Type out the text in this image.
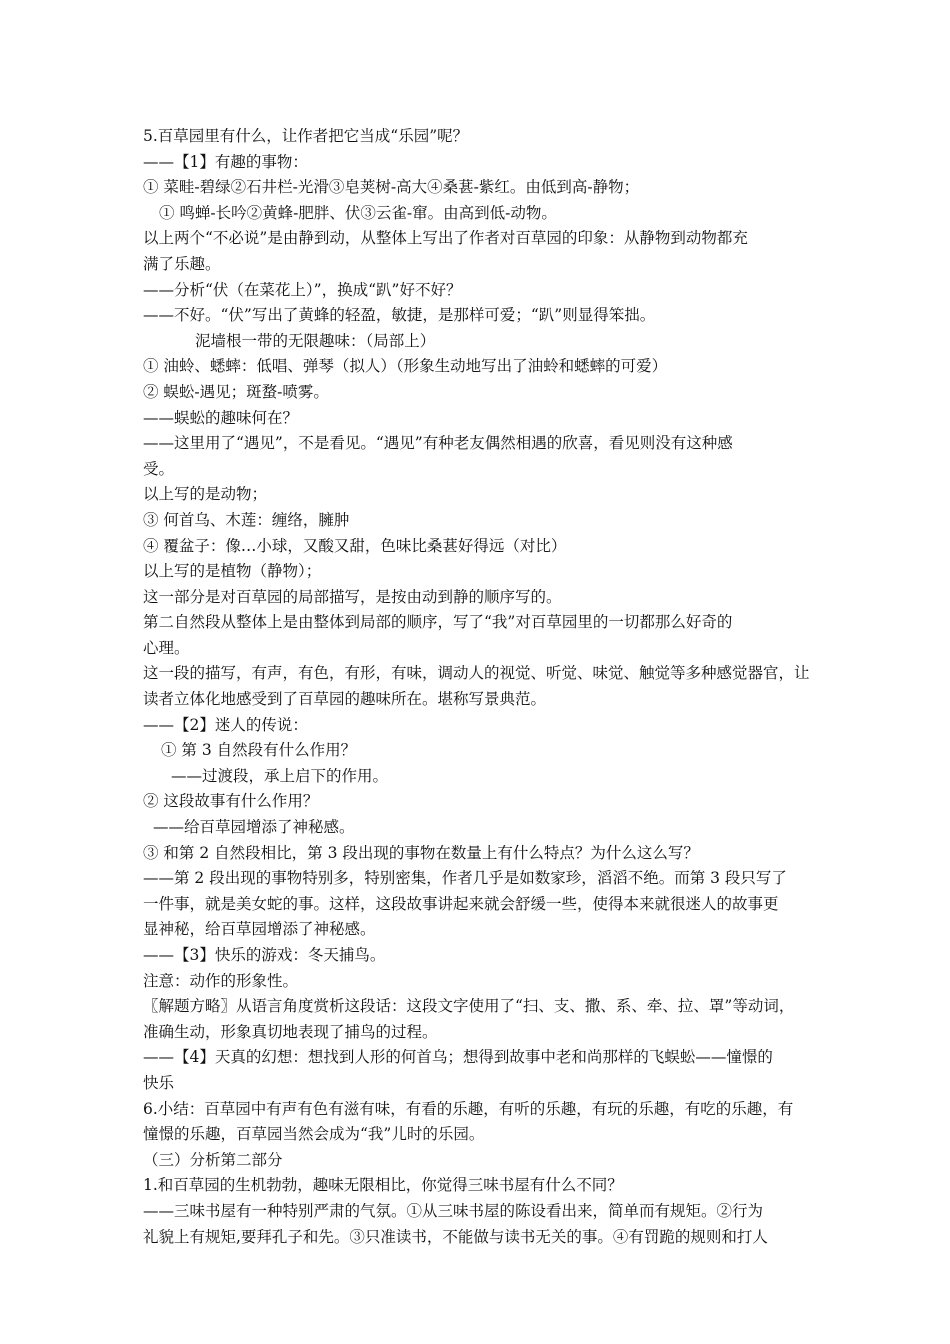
5.百草园里有什么，让作者把它当成“乐园”呢？
——【1】有趣的事物：
① 菜畦-碧绿②石井栏-光滑③皂荚树-高大④桑葚-紫红。由低到高-静物；
① 鸣蝉-长吟②黄蜂-肥胖、伏③云雀-窜。由高到低-动物。
以上两个“不必说”是由静到动，从整体上写出了作者对百草园的印象：从静物到动物都充
满了乐趣。
——分析“伏（在菜花上）”，换成“趴”好不好？
——不好。“伏”写出了黄蜂的轻盈，敏捷，是那样可爱；“趴”则显得笨拙。
泥墙根一带的无限趣味：（局部上）
① 油蛉、蟋蟀：低唱、弹琴（拟人）（形象生动地写出了油蛉和蟋蟀的可爱）
② 蜈蚣-遇见；斑蝥-喷雾。
——蜈蚣的趣味何在？
——这里用了“遇见”，不是看见。“遇见”有种老友偶然相遇的欣喜，看见则没有这种感
受。
以上写的是动物；
③ 何首乌、木莲：缠络，臃肿
④ 覆盆子：像…小球，又酸又甜，色味比桑葚好得远（对比）
以上写的是植物（静物）；
这一部分是对百草园的局部描写，是按由动到静的顺序写的。
第二自然段从整体上是由整体到局部的顺序，写了“我”对百草园里的一切都那么好奇的
心理。
这一段的描写，有声，有色，有形，有味，调动人的视觉、听觉、味觉、触觉等多种感觉器官，让
读者立体化地感受到了百草园的趣味所在。堪称写景典范。
——【2】迷人的传说：
① 第 3 自然段有什么作用？
——过渡段，承上启下的作用。
② 这段故事有什么作用？
——给百草园增添了神秘感。
③ 和第 2 自然段相比，第 3 段出现的事物在数量上有什么特点？为什么这么写？
——第 2 段出现的事物特别多，特别密集，作者几乎是如数家珍，滔滔不绝。而第 3 段只写了
一件事，就是美女蛇的事。这样，这段故事讲起来就会舒缓一些，使得本来就很迷人的故事更
显神秘，给百草园增添了神秘感。
——【3】快乐的游戏：冬天捕鸟。
注意：动作的形象性。
〖解题方略〗从语言角度赏析这段话：这段文字使用了“扫、支、撒、系、牵、拉、罩”等动词，
准确生动，形象真切地表现了捕鸟的过程。
——【4】天真的幻想：想找到人形的何首乌；想得到故事中老和尚那样的飞蜈蚣——憧憬的
快乐
6.小结：百草园中有声有色有滋有味，有看的乐趣，有听的乐趣，有玩的乐趣，有吃的乐趣，有
憧憬的乐趣，百草园当然会成为“我”儿时的乐园。
（三）分析第二部分
1.和百草园的生机勃勃，趣味无限相比，你觉得三味书屋有什么不同？
——三味书屋有一种特别严肃的气氛。①从三味书屋的陈设看出来，简单而有规矩。②行为
礼貌上有规矩,要拜孔子和先。③只准读书，不能做与读书无关的事。④有罚跪的规则和打人
